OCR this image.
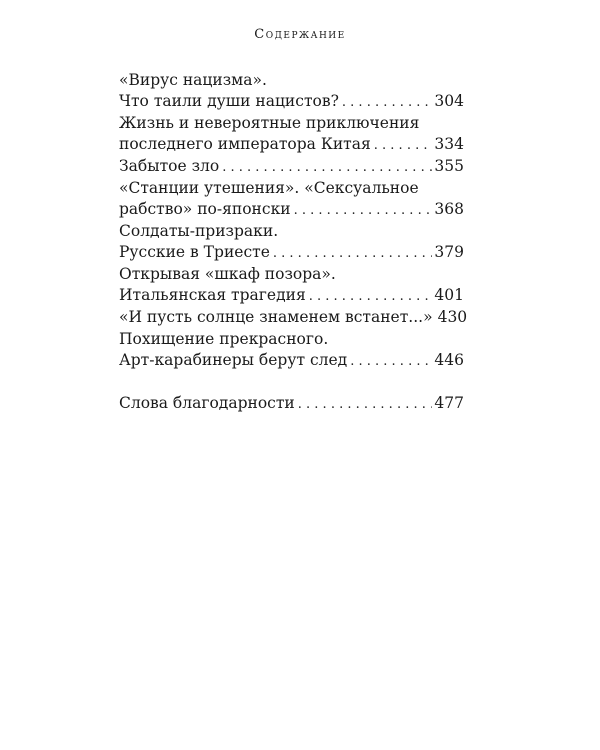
Содержание
«Вирус нацизма».
Что таили души нацистов? . . .	304
Жизнь и невероятные приключения
последнего императора Китая . . .	334
Забытое зло . . .	355
«Станции утешения». «Сексуальное
рабство» по-японски . . .	368
Солдаты-призраки.
Русские в Триесте . . .	379
Открывая «шкаф позора».
Итальянская трагедия . . .	401
«И пусть солнце знаменем встанет...» 430
Похищение прекрасного.
Арт-карабинеры берут след . . .	446
Слова благодарности . . .	477
